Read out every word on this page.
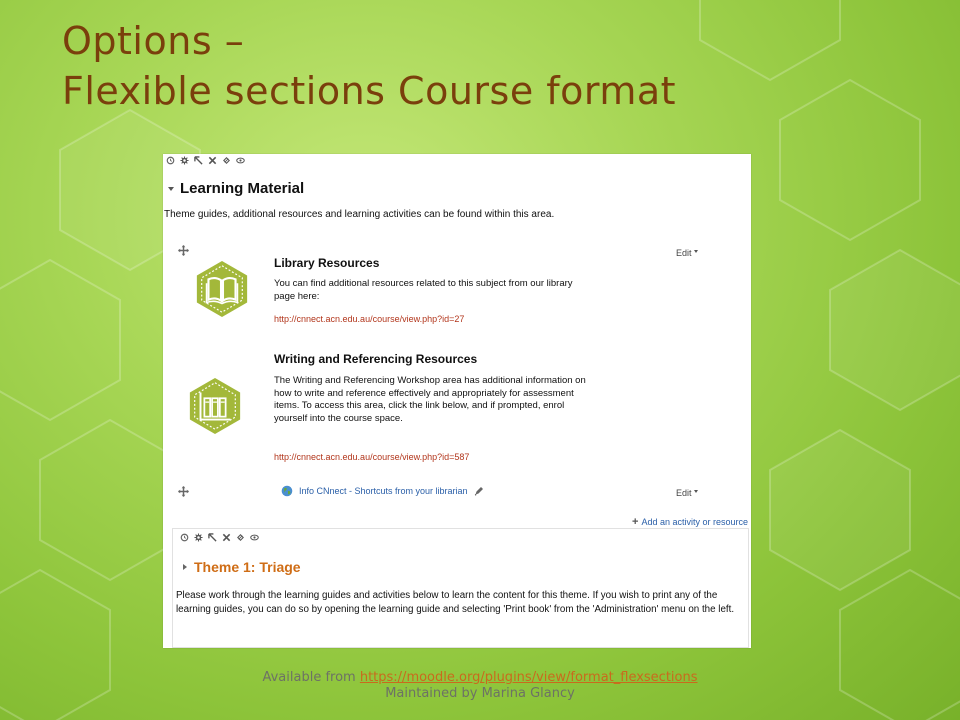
Options –
Flexible sections Course format
Learning Material
Theme guides, additional resources and learning activities can be found within this area.
Edit
Library Resources
You can find additional resources related to this subject from our library page here:
http://cnnect.acn.edu.au/course/view.php?id=27
Writing and Referencing Resources
The Writing and Referencing Workshop area has additional information on how to write and reference effectively and appropriately for assessment items. To access this area, click the link below, and if prompted, enrol yourself into the course space.
http://cnnect.acn.edu.au/course/view.php?id=587
Info CNnect - Shortcuts from your librarian	Edit
+ Add an activity or resource
Theme 1: Triage
Please work through the learning guides and activities below to learn the content for this theme. If you wish to print any of the learning guides, you can do so by opening the learning guide and selecting 'Print book' from the 'Administration' menu on the left.
Available from https://moodle.org/plugins/view/format_flexsections
Maintained by Marina Glancy
